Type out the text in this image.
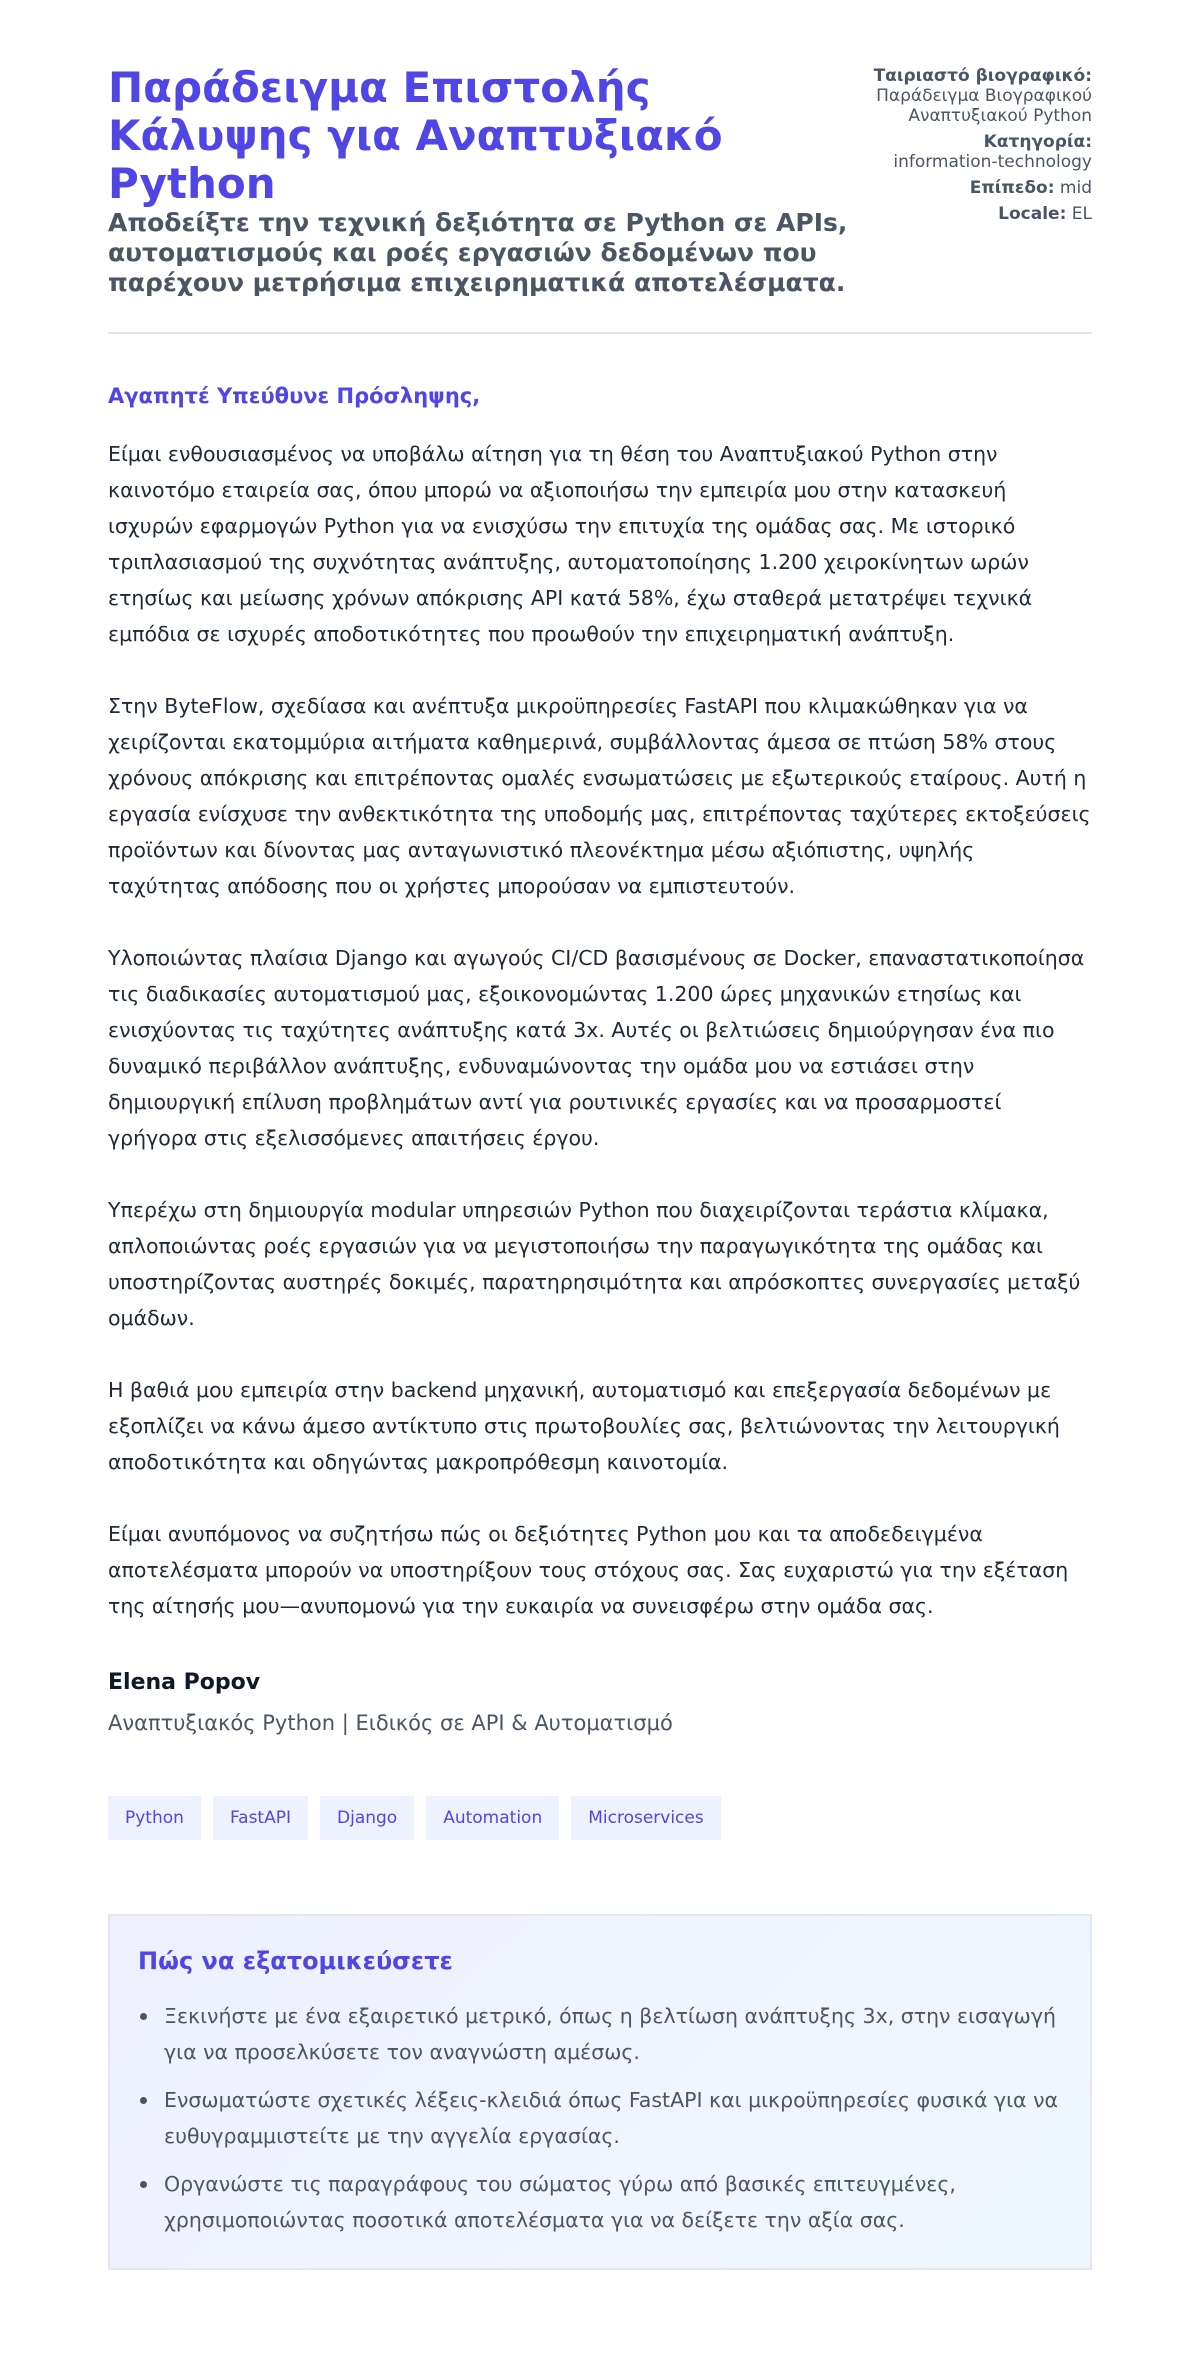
Παράδειγμα Επιστολής Κάλυψης για Αναπτυξιακό Python

Αποδείξτε την τεχνική δεξιότητα σε Python σε APIs, αυτοματισμούς και ροές εργασιών δεδομένων που παρέχουν μετρήσιμα επιχειρηματικά αποτελέσματα.

Ταιριαστό βιογραφικό:
Παράδειγμα Βιογραφικού Αναπτυξιακού Python
Κατηγορία:
information-technology
Επίπεδο: mid
Locale: EL

Αγαπητέ Υπεύθυνε Πρόσληψης,

Είμαι ενθουσιασμένος να υποβάλω αίτηση για τη θέση του Αναπτυξιακού Python στην καινοτόμο εταιρεία σας, όπου μπορώ να αξιοποιήσω την εμπειρία μου στην κατασκευή ισχυρών εφαρμογών Python για να ενισχύσω την επιτυχία της ομάδας σας. Με ιστορικό τριπλασιασμού της συχνότητας ανάπτυξης, αυτοματοποίησης 1.200 χειροκίνητων ωρών ετησίως και μείωσης χρόνων απόκρισης API κατά 58%, έχω σταθερά μετατρέψει τεχνικά εμπόδια σε ισχυρές αποδοτικότητες που προωθούν την επιχειρηματική ανάπτυξη.

Στην ByteFlow, σχεδίασα και ανέπτυξα μικροϋπηρεσίες FastAPI που κλιμακώθηκαν για να χειρίζονται εκατομμύρια αιτήματα καθημερινά, συμβάλλοντας άμεσα σε πτώση 58% στους χρόνους απόκρισης και επιτρέποντας ομαλές ενσωματώσεις με εξωτερικούς εταίρους. Αυτή η εργασία ενίσχυσε την ανθεκτικότητα της υποδομής μας, επιτρέποντας ταχύτερες εκτοξεύσεις προϊόντων και δίνοντας μας ανταγωνιστικό πλεονέκτημα μέσω αξιόπιστης, υψηλής ταχύτητας απόδοσης που οι χρήστες μπορούσαν να εμπιστευτούν.

Υλοποιώντας πλαίσια Django και αγωγούς CI/CD βασισμένους σε Docker, επαναστατικοποίησα τις διαδικασίες αυτοματισμού μας, εξοικονομώντας 1.200 ώρες μηχανικών ετησίως και ενισχύοντας τις ταχύτητες ανάπτυξης κατά 3x. Αυτές οι βελτιώσεις δημιούργησαν ένα πιο δυναμικό περιβάλλον ανάπτυξης, ενδυναμώνοντας την ομάδα μου να εστιάσει στην δημιουργική επίλυση προβλημάτων αντί για ρουτινικές εργασίες και να προσαρμοστεί γρήγορα στις εξελισσόμενες απαιτήσεις έργου.

Υπερέχω στη δημιουργία modular υπηρεσιών Python που διαχειρίζονται τεράστια κλίμακα, απλοποιώντας ροές εργασιών για να μεγιστοποιήσω την παραγωγικότητα της ομάδας και υποστηρίζοντας αυστηρές δοκιμές, παρατηρησιμότητα και απρόσκοπτες συνεργασίες μεταξύ ομάδων.

Η βαθιά μου εμπειρία στην backend μηχανική, αυτοματισμό και επεξεργασία δεδομένων με εξοπλίζει να κάνω άμεσο αντίκτυπο στις πρωτοβουλίες σας, βελτιώνοντας την λειτουργική αποδοτικότητα και οδηγώντας μακροπρόθεσμη καινοτομία.

Είμαι ανυπόμονος να συζητήσω πώς οι δεξιότητες Python μου και τα αποδεδειγμένα αποτελέσματα μπορούν να υποστηρίξουν τους στόχους σας. Σας ευχαριστώ για την εξέταση της αίτησής μου—ανυπομονώ για την ευκαιρία να συνεισφέρω στην ομάδα σας.

Elena Popov
Αναπτυξιακός Python | Ειδικός σε API & Αυτοματισμό
Python	FastAPI	Django	Automation	Microservices
Πώς να εξατομικεύσετε
Ξεκινήστε με ένα εξαιρετικό μετρικό, όπως η βελτίωση ανάπτυξης 3x, στην εισαγωγή για να προσελκύσετε τον αναγνώστη αμέσως.
Ενσωματώστε σχετικές λέξεις-κλειδιά όπως FastAPI και μικροϋπηρεσίες φυσικά για να ευθυγραμμιστείτε με την αγγελία εργασίας.
Οργανώστε τις παραγράφους του σώματος γύρω από βασικές επιτευγμένες, χρησιμοποιώντας ποσοτικά αποτελέσματα για να δείξετε την αξία σας.
